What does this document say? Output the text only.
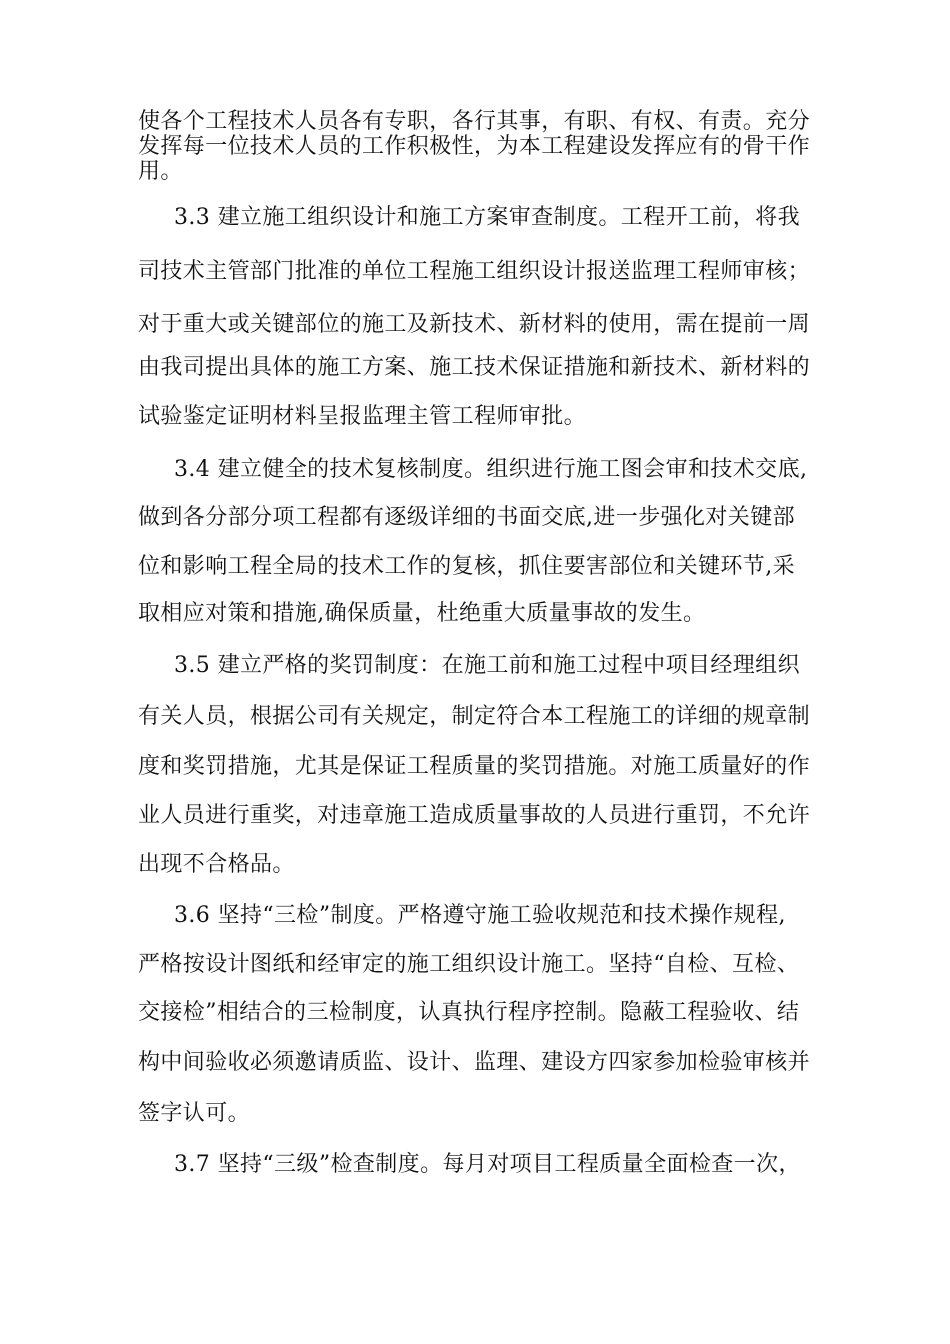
使各个工程技术人员各有专职，各行其事，有职、有权、有责。充分
发挥每一位技术人员的工作积极性，为本工程建设发挥应有的骨干作
用。
3.3 建立施工组织设计和施工方案审查制度。工程开工前，将我
司技术主管部门批准的单位工程施工组织设计报送监理工程师审核；
对于重大或关键部位的施工及新技术、新材料的使用，需在提前一周
由我司提出具体的施工方案、施工技术保证措施和新技术、新材料的
试验鉴定证明材料呈报监理主管工程师审批。
3.4 建立健全的技术复核制度。组织进行施工图会审和技术交底,
做到各分部分项工程都有逐级详细的书面交底,进一步强化对关键部
位和影响工程全局的技术工作的复核，抓住要害部位和关键环节,采
取相应对策和措施,确保质量，杜绝重大质量事故的发生。
3.5 建立严格的奖罚制度：在施工前和施工过程中项目经理组织
有关人员，根据公司有关规定，制定符合本工程施工的详细的规章制
度和奖罚措施，尤其是保证工程质量的奖罚措施。对施工质量好的作
业人员进行重奖，对违章施工造成质量事故的人员进行重罚，不允许
出现不合格品。
3.6 坚持“三检”制度。严格遵守施工验收规范和技术操作规程,
严格按设计图纸和经审定的施工组织设计施工。坚持“自检、互检、
交接检”相结合的三检制度，认真执行程序控制。隐蔽工程验收、结
构中间验收必须邀请质监、设计、监理、建设方四家参加检验审核并
签字认可。
3.7 坚持“三级”检查制度。每月对项目工程质量全面检查一次，
